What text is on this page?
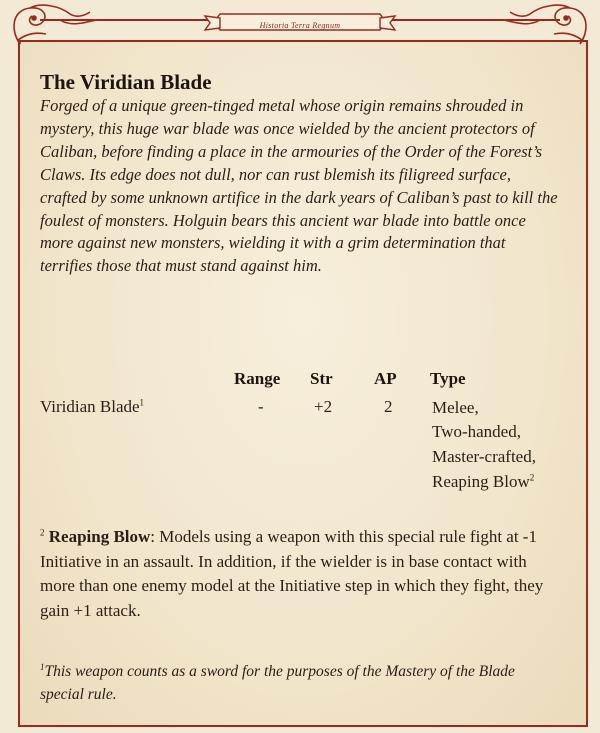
Historia Terra Regnum
The Viridian Blade

Forged of a unique green-tinged metal whose origin remains shrouded in mystery, this huge war blade was once wielded by the ancient protectors of Caliban, before finding a place in the armouries of the Order of the Forest’s Claws. Its edge does not dull, nor can rust blemish its filigreed surface, crafted by some unknown artifice in the dark years of Caliban’s past to kill the foulest of monsters. Holguin bears this ancient war blade into battle once more against new monsters, wielding it with a grim determination that terrifies those that must stand against him.

Range Str AP Type
Viridian Blade$^1$	-	+2	2 Melee,
Two-handed,
Master-crafted,
Reaping Blow$^2$

$^2$ Reaping Blow: Models using a weapon with this special rule fight at -1 Initiative in an assault. In addition, if the wielder is in base contact with more than one enemy model at the Initiative step in which they fight, they gain +1 attack.

$^1$This weapon counts as a sword for the purposes of the Mastery of the Blade special rule.
